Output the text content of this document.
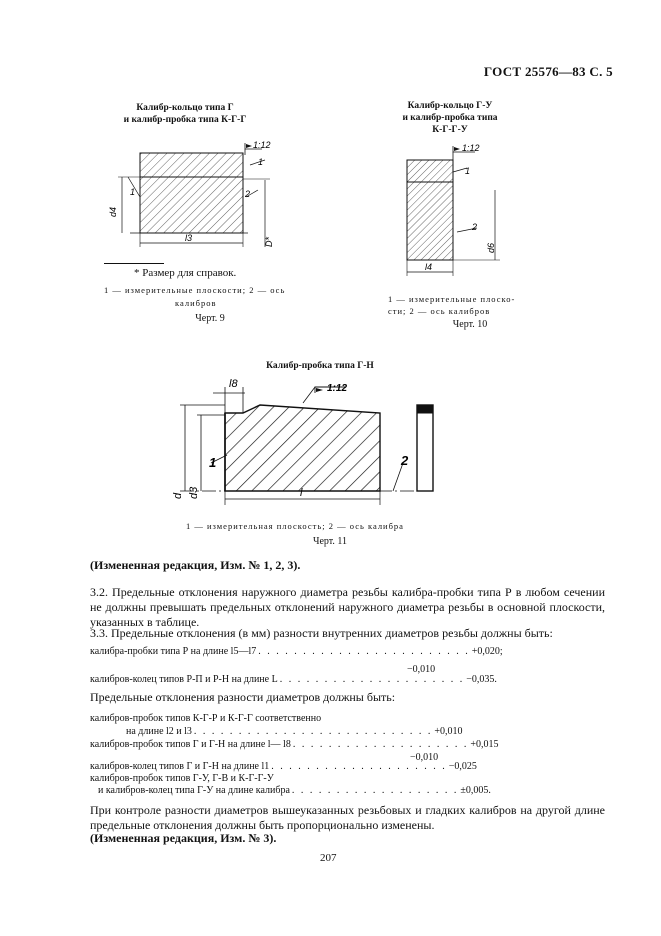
ГОСТ 25576—83 С. 5
Калибр-кольцо типа Г
и калибр-пробка типа К-Г-Г
1:12
1
1	2
d4
l3	D*
* Размер для справок.
1 — измерительные плоскости; 2 — ось
калибров
Черт. 9
Калибр-кольцо Г-У
и калибр-пробка типа
К-Г-Г-У
1:12
1
2
d6
l4
1 — измерительные плоско-
сти; 2 — ось калибров
Черт. 10
Калибр-пробка типа Г-Н
l8	1:12
d d3
1	2
l
1 — измерительная плоскость; 2 — ось калибра
Черт. 11
(Измененная редакция, Изм. № 1, 2, 3).
3.2. Предельные отклонения наружного диаметра резьбы калибра-пробки типа Р в любом сечении не должны превышать предельных отклонений наружного диаметра резьбы в основной плоскости, указанных в таблице.
3.3. Предельные отклонения (в мм) разности внутренних диаметров резьбы должны быть:
калибра-пробки типа Р на длине l5—l7 . . . . . . . . . . . . . . . . . . . . . . . . +0,020;
−0,010
калибров-колец типов Р-П и Р-Н на длине L . . . . . . . . . . . . . . . . . . . . . −0,035.
Предельные отклонения разности диаметров должны быть:
калибров-пробок типов К-Г-Р и К-Г-Г соответственно
на длине l2 и l3 . . . . . . . . . . . . . . . . . . . . . . . . . . . +0,010
калибров-пробок типов Г и Г-Н на длине l— l8 . . . . . . . . . . . . . . . . . . . . +0,015
−0,010
калибров-колец типов Г и Г-Н на длине l1 . . . . . . . . . . . . . . . . . . . . −0,025
калибров-пробок типов Г-У, Г-В и К-Г-Г-У
и калибров-колец типа Г-У на длине калибра . . . . . . . . . . . . . . . . . . . ±0,005.
При контроле разности диаметров вышеуказанных резьбовых и гладких калибров на другой длине предельные отклонения должны быть пропорционально изменены.
(Измененная редакция, Изм. № 3).
207
